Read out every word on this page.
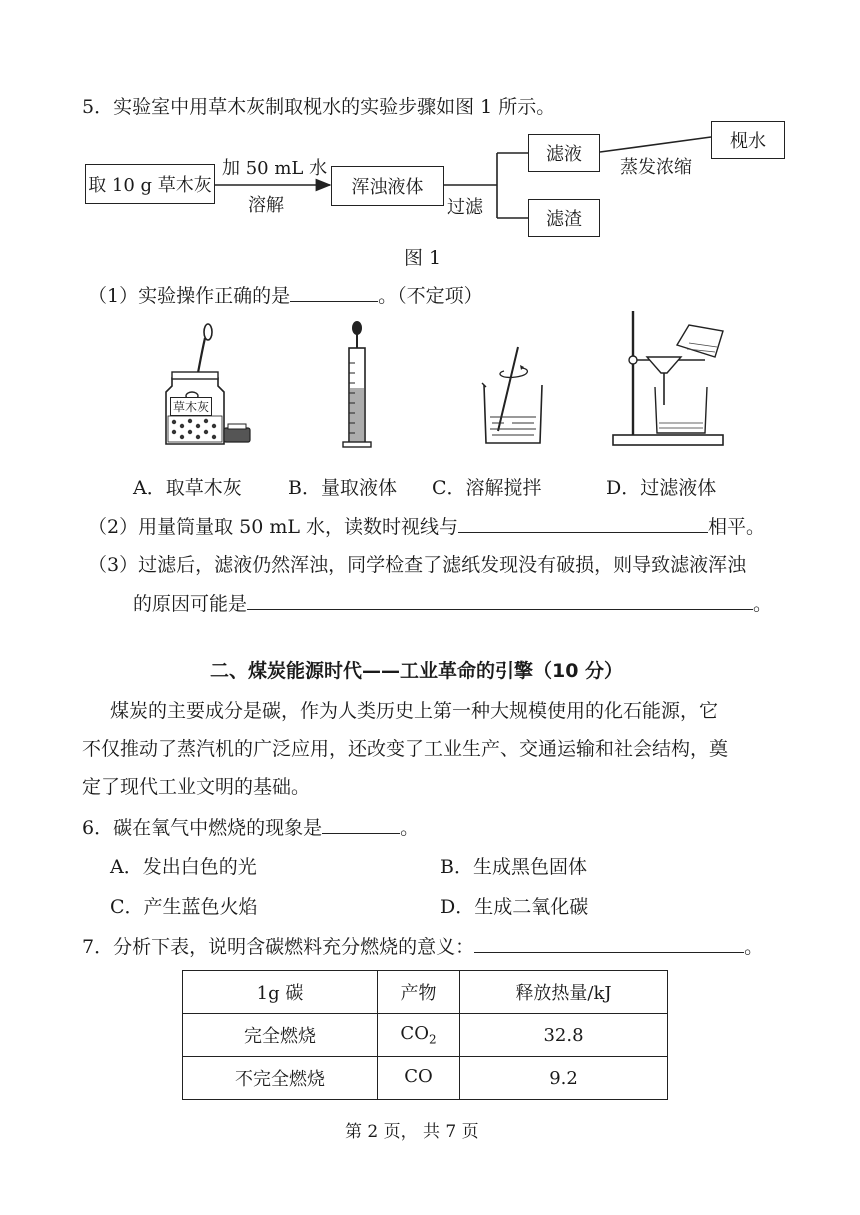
5．实验室中用草木灰制取枧水的实验步骤如图 1 所示。
取 10 g 草木灰
加 50 mL 水
溶解
浑浊液体
过滤
滤液
滤渣
蒸发浓缩
枧水
图 1
（1）实验操作正确的是	。（不定项）
草木灰
A．取草木灰 B．量取液体 C．溶解搅拌	D．过滤液体
（2）用量筒量取 50 mL 水，读数时视线与	相平。
（3）过滤后，滤液仍然浑浊，同学检查了滤纸发现没有破损，则导致滤液浑浊
的原因可能是	。
二、煤炭能源时代——工业革命的引擎（10 分）
煤炭的主要成分是碳，作为人类历史上第一种大规模使用的化石能源，它
不仅推动了蒸汽机的广泛应用，还改变了工业生产、交通运输和社会结构，奠
定了现代工业文明的基础。
6．碳在氧气中燃烧的现象是	。
A．发出白色的光	B．生成黑色固体
C．产生蓝色火焰	D．生成二氧化碳
7．分析下表，说明含碳燃料充分燃烧的意义：	。
1g 碳	产物	释放热量/kJ
完全燃烧	$CO_2$	32.8
不完全燃烧	CO	9.2
第 2 页， 共 7 页
